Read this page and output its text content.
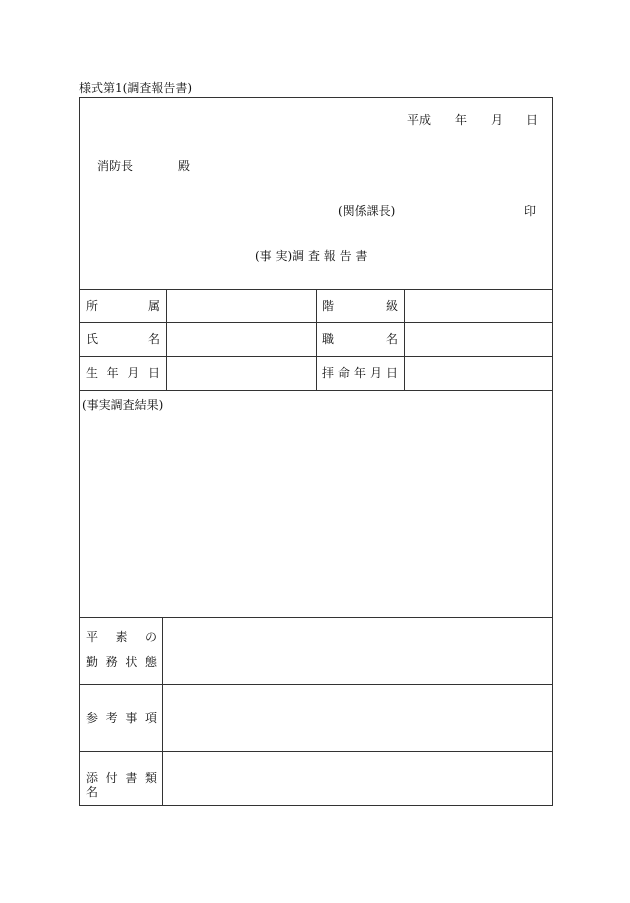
様式第1(調査報告書)
平成 年 月 日
消防長	殿
(関係課長)	印
(事 実)調 査 報 告 書
所 属	階 級
氏 名	職 名
生 年 月 日	拝 命 年 月 日
(事実調査結果)
平 素 の
勤 務 状 態
参 考 事 項
添 付 書 類 名
